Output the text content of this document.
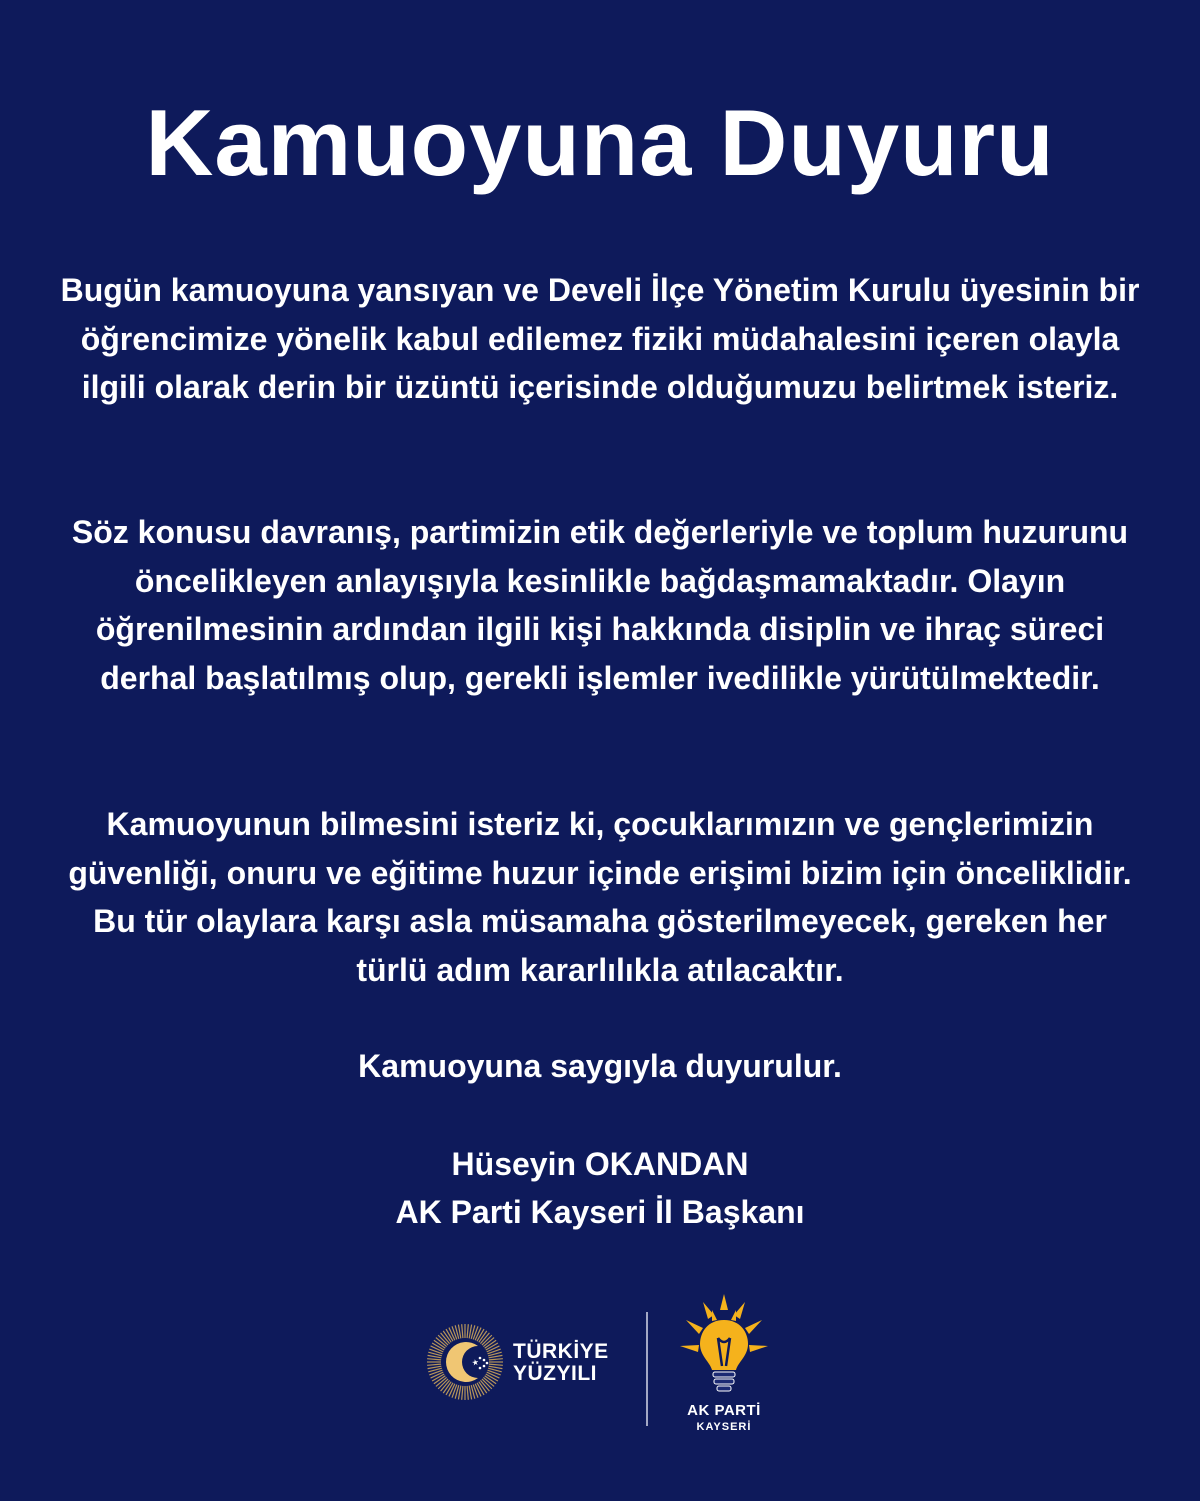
Kamuoyuna Duyuru

Bugün kamuoyuna yansıyan ve Develi İlçe Yönetim Kurulu üyesinin bir öğrencimize yönelik kabul edilemez fiziki müdahalesini içeren olayla ilgili olarak derin bir üzüntü içerisinde olduğumuzu belirtmek isteriz.

Söz konusu davranış, partimizin etik değerleriyle ve toplum huzurunu öncelikleyen anlayışıyla kesinlikle bağdaşmamaktadır. Olayın öğrenilmesinin ardından ilgili kişi hakkında disiplin ve ihraç süreci derhal başlatılmış olup, gerekli işlemler ivedilikle yürütülmektedir.

Kamuoyunun bilmesini isteriz ki, çocuklarımızın ve gençlerimizin güvenliği, onuru ve eğitime huzur içinde erişimi bizim için önceliklidir. Bu tür olaylara karşı asla müsamaha gösterilmeyecek, gereken her türlü adım kararlılıkla atılacaktır.

Kamuoyuna saygıyla duyurulur.

Hüseyin OKANDAN

AK Parti Kayseri İl Başkanı

TÜRKİYE
YÜZYILI
AK PARTİ
KAYSERİ
